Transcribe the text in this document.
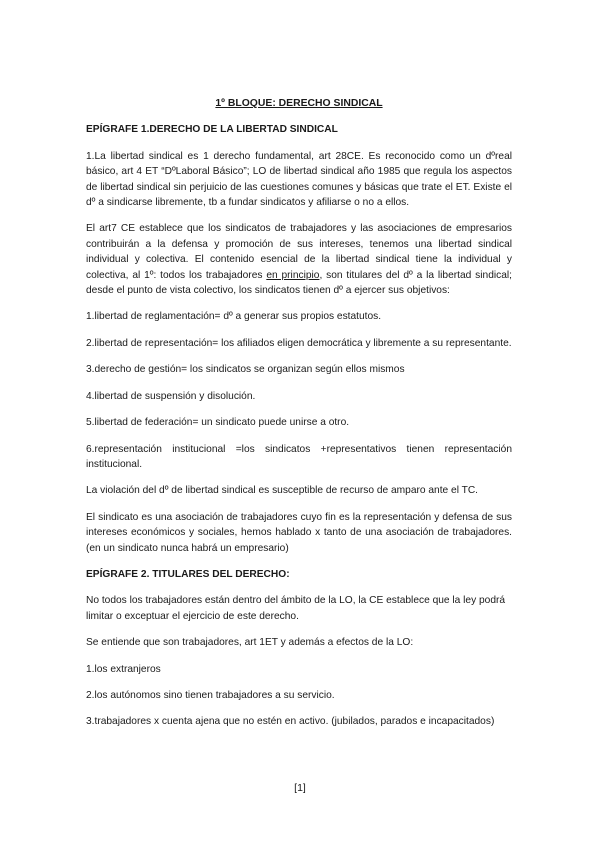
1º BLOQUE: DERECHO SINDICAL
EPÍGRAFE 1.DERECHO DE LA LIBERTAD SINDICAL

1.La libertad sindical es 1 derecho fundamental, art 28CE. Es reconocido como un dºreal básico, art 4 ET “DºLaboral Básico”; LO de libertad sindical año 1985 que regula los aspectos de libertad sindical sin perjuicio de las cuestiones comunes y básicas que trate el ET. Existe el dº a sindicarse libremente, tb a fundar sindicatos y afiliarse o no a ellos.

El art7 CE establece que los sindicatos de trabajadores y las asociaciones de empresarios contribuirán a la defensa y promoción de sus intereses, tenemos una libertad sindical individual y colectiva. El contenido esencial de la libertad sindical tiene la individual y colectiva, al 1º: todos los trabajadores en principio, son titulares del dº a la libertad sindical; desde el punto de vista colectivo, los sindicatos tienen dº a ejercer sus objetivos:

1.libertad de reglamentación= dº a generar sus propios estatutos.

2.libertad de representación= los afiliados eligen democrática y libremente a su representante.

3.derecho de gestión= los sindicatos se organizan según ellos mismos

4.libertad de suspensión y disolución.

5.libertad de federación= un sindicato puede unirse a otro.

6.representación institucional =los sindicatos +representativos tienen representación institucional.

La violación del dº de libertad sindical es susceptible de recurso de amparo ante el TC.

El sindicato es una asociación de trabajadores cuyo fin es la representación y defensa de sus intereses económicos y sociales, hemos hablado x tanto de una asociación de trabajadores. (en un sindicato nunca habrá un empresario)

EPÍGRAFE 2. TITULARES DEL DERECHO:

No todos los trabajadores están dentro del ámbito de la LO, la CE establece que la ley podrá limitar o exceptuar el ejercicio de este derecho.

Se entiende que son trabajadores, art 1ET y además a efectos de la LO:

1.los extranjeros

2.los autónomos sino tienen trabajadores a su servicio.

3.trabajadores x cuenta ajena que no estén en activo. (jubilados, parados e incapacitados)

[1]
